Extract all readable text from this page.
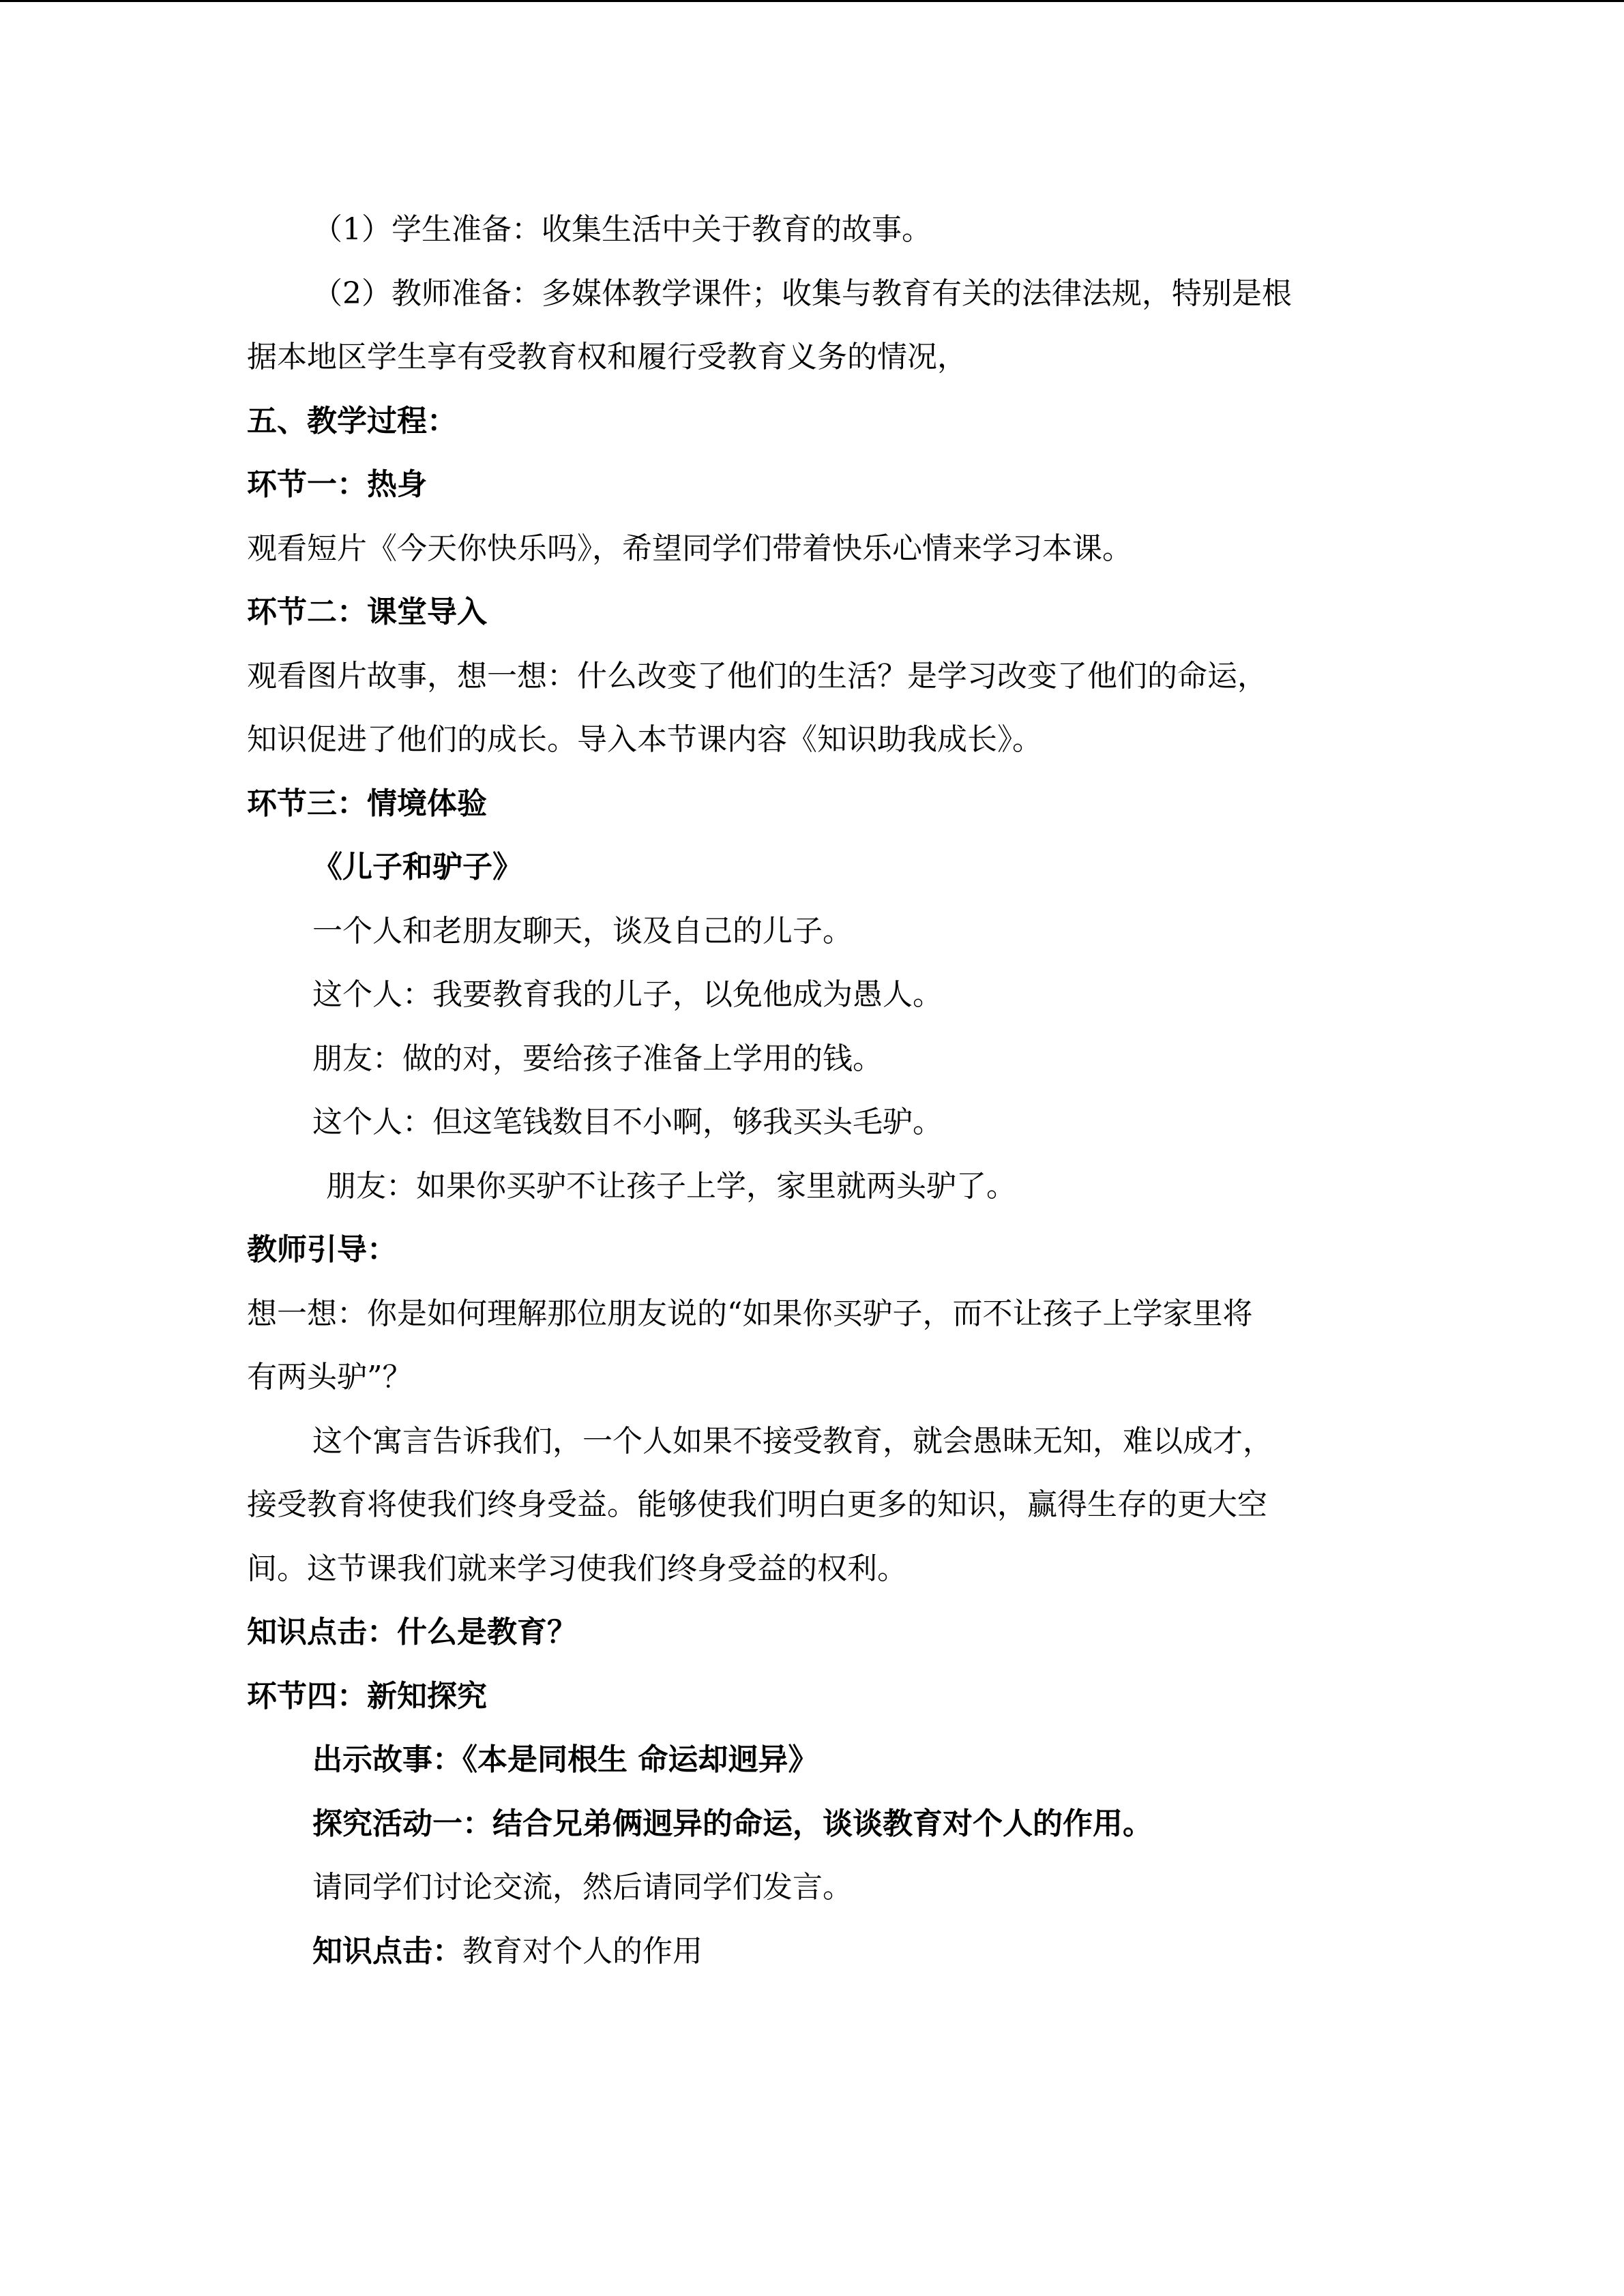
（1）学生准备：收集生活中关于教育的故事。
（2）教师准备：多媒体教学课件；收集与教育有关的法律法规，特别是根
据本地区学生享有受教育权和履行受教育义务的情况，
五、教学过程：
环节一：热身
观看短片《今天你快乐吗》，希望同学们带着快乐心情来学习本课。
环节二：课堂导入
观看图片故事，想一想：什么改变了他们的生活？是学习改变了他们的命运，
知识促进了他们的成长。导入本节课内容《知识助我成长》。
环节三：情境体验
《儿子和驴子》
一个人和老朋友聊天，谈及自己的儿子。
这个人：我要教育我的儿子，以免他成为愚人。
朋友：做的对，要给孩子准备上学用的钱。
这个人：但这笔钱数目不小啊，够我买头毛驴。
朋友：如果你买驴不让孩子上学，家里就两头驴了。
教师引导：
想一想：你是如何理解那位朋友说的“如果你买驴子，而不让孩子上学家里将
有两头驴”？
这个寓言告诉我们，一个人如果不接受教育，就会愚昧无知，难以成才，
接受教育将使我们终身受益。能够使我们明白更多的知识，赢得生存的更大空
间。这节课我们就来学习使我们终身受益的权利。
知识点击：什么是教育？
环节四：新知探究
出示故事：《本是同根生 命运却迥异》
探究活动一：结合兄弟俩迥异的命运，谈谈教育对个人的作用。
请同学们讨论交流，然后请同学们发言。
知识点击：教育对个人的作用
